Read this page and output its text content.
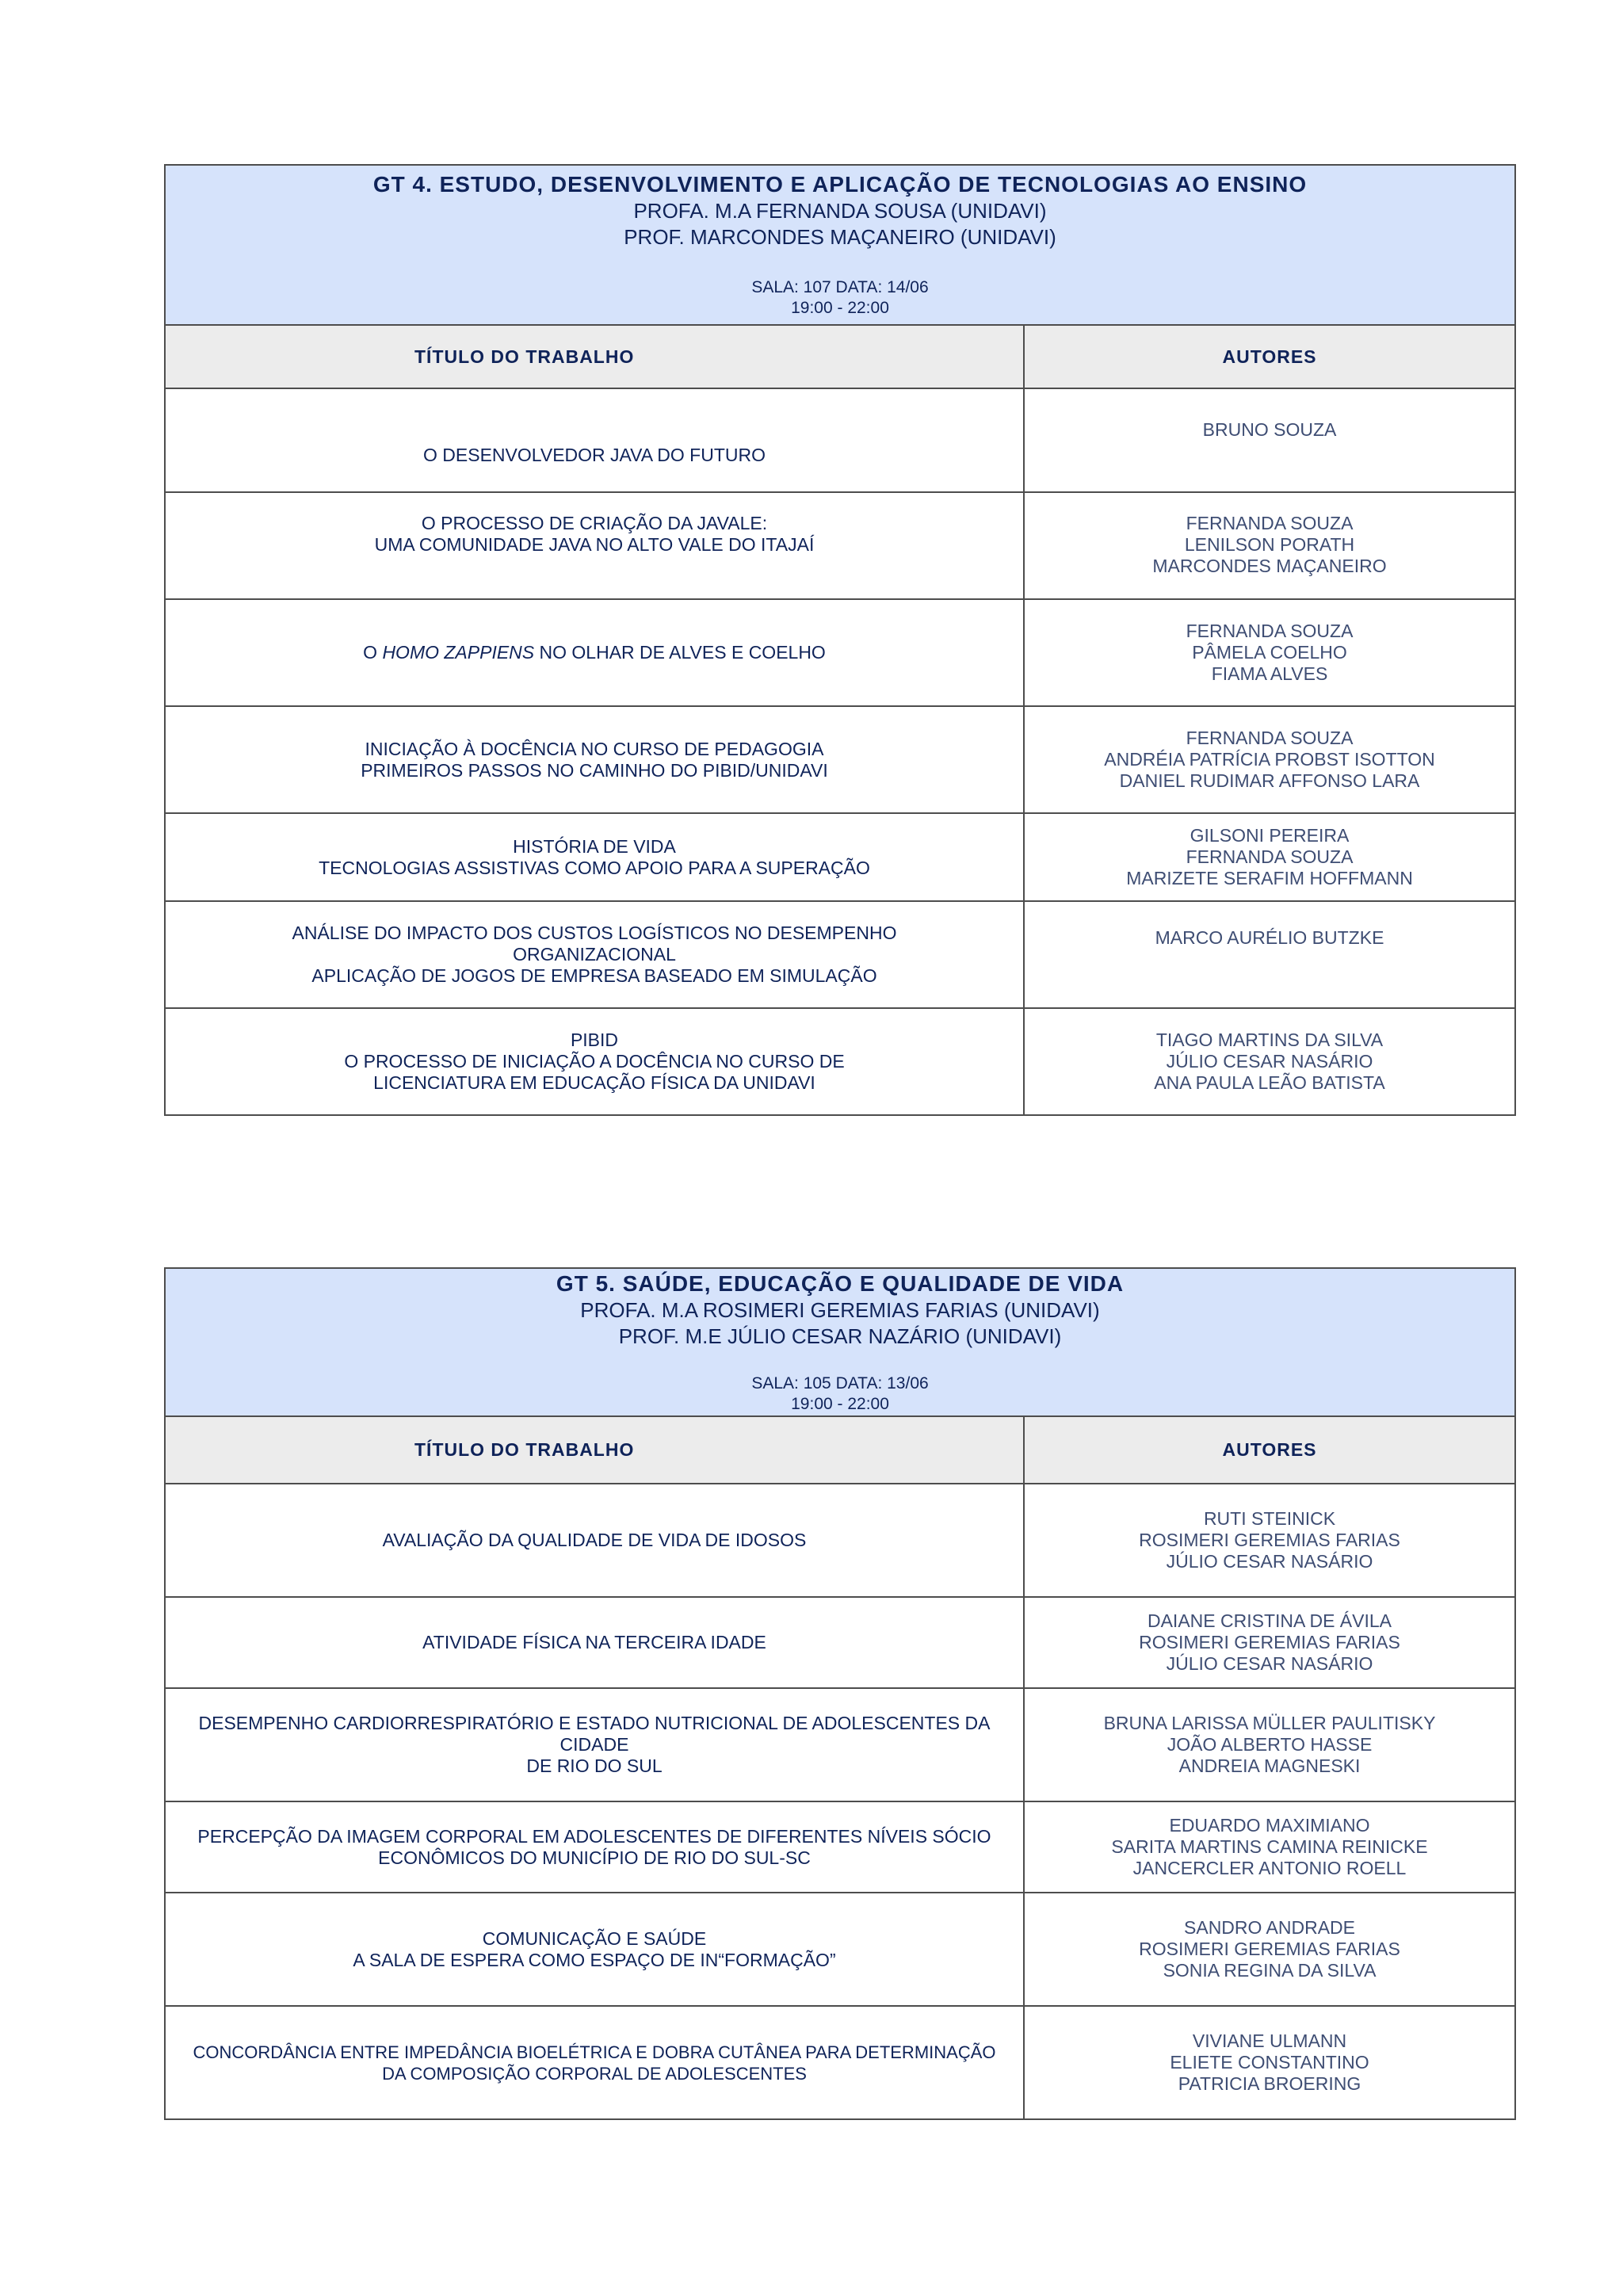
GT 4. ESTUDO, DESENVOLVIMENTO E APLICAÇÃO DE TECNOLOGIAS AO ENSINO
PROFA. M.A FERNANDA SOUSA (UNIDAVI)
PROF. MARCONDES MAÇANEIRO (UNIDAVI)
SALA: 107 DATA: 14/06
19:00 - 22:00	

TÍTULO DO TRABALHO	AUTORES

O DESENVOLVEDOR JAVA DO FUTURO	BRUNO SOUZA

O PROCESSO DE CRIAÇÃO DA JAVALE:
UMA COMUNIDADE JAVA NO ALTO VALE DO ITAJAÍ	FERNANDA SOUZA
LENILSON PORATH
MARCONDES MAÇANEIRO

O HOMO ZAPPIENS NO OLHAR DE ALVES E COELHO	FERNANDA SOUZA
PÂMELA COELHO
FIAMA ALVES

INICIAÇÃO À DOCÊNCIA NO CURSO DE PEDAGOGIA
PRIMEIROS PASSOS NO CAMINHO DO PIBID/UNIDAVI	FERNANDA SOUZA
ANDRÉIA PATRÍCIA PROBST ISOTTON
DANIEL RUDIMAR AFFONSO LARA

HISTÓRIA DE VIDA
TECNOLOGIAS ASSISTIVAS COMO APOIO PARA A SUPERAÇÃO	GILSONI PEREIRA
FERNANDA SOUZA
MARIZETE SERAFIM HOFFMANN

ANÁLISE DO IMPACTO DOS CUSTOS LOGÍSTICOS NO DESEMPENHO
ORGANIZACIONAL
APLICAÇÃO DE JOGOS DE EMPRESA BASEADO EM SIMULAÇÃO	MARCO AURÉLIO BUTZKE

PIBID
O PROCESSO DE INICIAÇÃO A DOCÊNCIA NO CURSO DE
LICENCIATURA EM EDUCAÇÃO FÍSICA DA UNIDAVI	TIAGO MARTINS DA SILVA
JÚLIO CESAR NASÁRIO
ANA PAULA LEÃO BATISTA
GT 5. SAÚDE, EDUCAÇÃO E QUALIDADE DE VIDA
PROFA. M.A ROSIMERI GEREMIAS FARIAS (UNIDAVI)
PROF. M.E JÚLIO CESAR NAZÁRIO (UNIDAVI)
SALA: 105 DATA: 13/06
19:00 - 22:00	

TÍTULO DO TRABALHO	AUTORES

AVALIAÇÃO DA QUALIDADE DE VIDA DE IDOSOS	RUTI STEINICK
ROSIMERI GEREMIAS FARIAS
JÚLIO CESAR NASÁRIO

ATIVIDADE FÍSICA NA TERCEIRA IDADE	DAIANE CRISTINA DE ÁVILA
ROSIMERI GEREMIAS FARIAS
JÚLIO CESAR NASÁRIO

DESEMPENHO CARDIORRESPIRATÓRIO E ESTADO NUTRICIONAL DE ADOLESCENTES DA CIDADE
DE RIO DO SUL	BRUNA LARISSA MÜLLER PAULITISKY
JOÃO ALBERTO HASSE
ANDREIA MAGNESKI

PERCEPÇÃO DA IMAGEM CORPORAL EM ADOLESCENTES DE DIFERENTES NÍVEIS SÓCIO
ECONÔMICOS DO MUNICÍPIO DE RIO DO SUL-SC	EDUARDO MAXIMIANO
SARITA MARTINS CAMINA REINICKE
JANCERCLER ANTONIO ROELL

COMUNICAÇÃO E SAÚDE
A SALA DE ESPERA COMO ESPAÇO DE IN“FORMAÇÃO”	SANDRO ANDRADE
ROSIMERI GEREMIAS FARIAS
SONIA REGINA DA SILVA

CONCORDÂNCIA ENTRE IMPEDÂNCIA BIOELÉTRICA E DOBRA CUTÂNEA PARA DETERMINAÇÃO
DA COMPOSIÇÃO CORPORAL DE ADOLESCENTES	VIVIANE ULMANN
ELIETE CONSTANTINO
PATRICIA BROERING
